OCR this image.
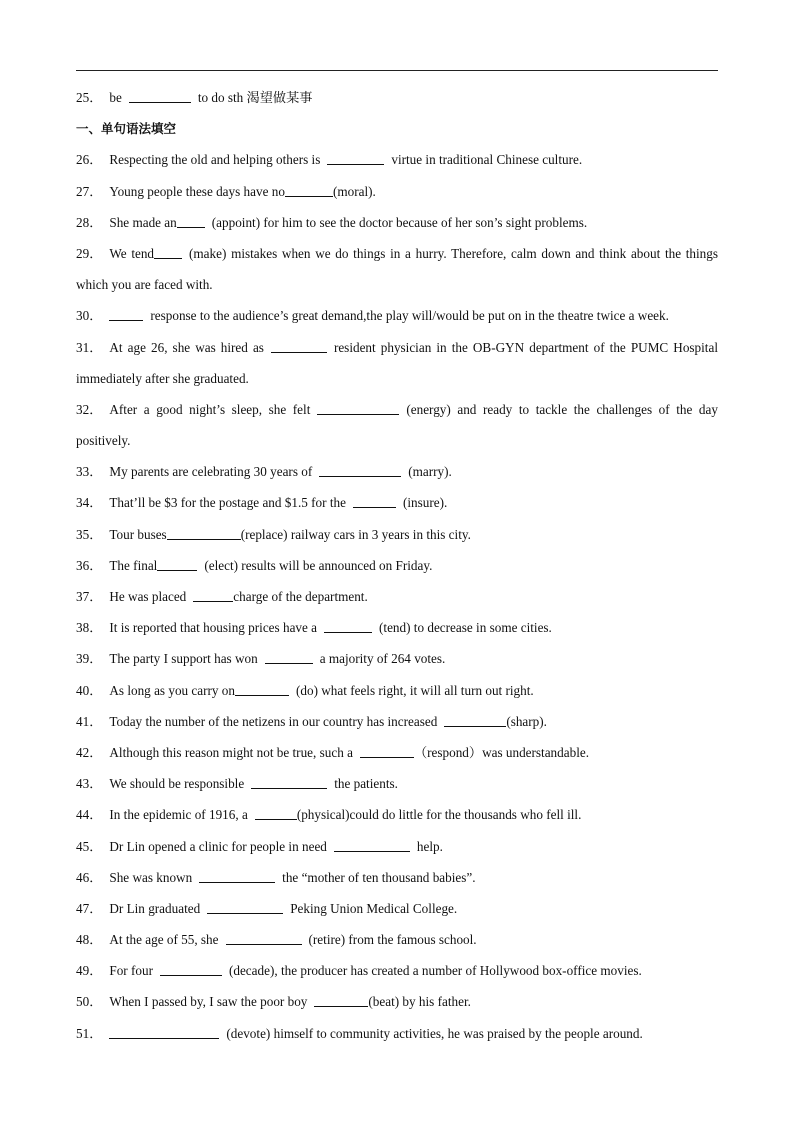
25． be	to do sth 渴望做某事
一、单句语法填空
26． Respecting the old and helping others is	virtue in traditional Chinese culture.
27． Young people these days have no	(moral).
28． She made an	(appoint) for him to see the doctor because of her son’s sight problems.
29． We tend	(make) mistakes when we do things in a hurry. Therefore, calm down and think about the things
which you are faced with.
30．	response to the audience’s great demand,the play will/would be put on in the theatre twice a week.
31． At age 26, she was hired as	resident physician in the OB-GYN department of the PUMC Hospital
immediately after she graduated.
32． After a good night’s sleep, she felt	(energy) and ready to tackle the challenges of the day
positively.
33． My parents are celebrating 30 years of	(marry).
34． That’ll be $3 for the postage and $1.5 for the	(insure).
35． Tour buses	(replace) railway cars in 3 years in this city.
36． The final	(elect) results will be announced on Friday.
37． He was placed	charge of the department.
38． It is reported that housing prices have a	(tend) to decrease in some cities.
39． The party I support has won	a majority of 264 votes.
40． As long as you carry on	(do) what feels right, it will all turn out right.
41． Today the number of the netizens in our country has increased	(sharp).
42． Although this reason might not be true, such a	（respond）was understandable.
43． We should be responsible	the patients.
44． In the epidemic of 1916, a	(physical)could do little for the thousands who fell ill.
45． Dr Lin opened a clinic for people in need	help.
46． She was known	the “mother of ten thousand babies”.
47． Dr Lin graduated	Peking Union Medical College.
48． At the age of 55, she	(retire) from the famous school.
49． For four	(decade), the producer has created a number of Hollywood box-office movies.
50． When I passed by, I saw the poor boy	(beat) by his father.
51．	(devote) himself to community activities, he was praised by the people around.
